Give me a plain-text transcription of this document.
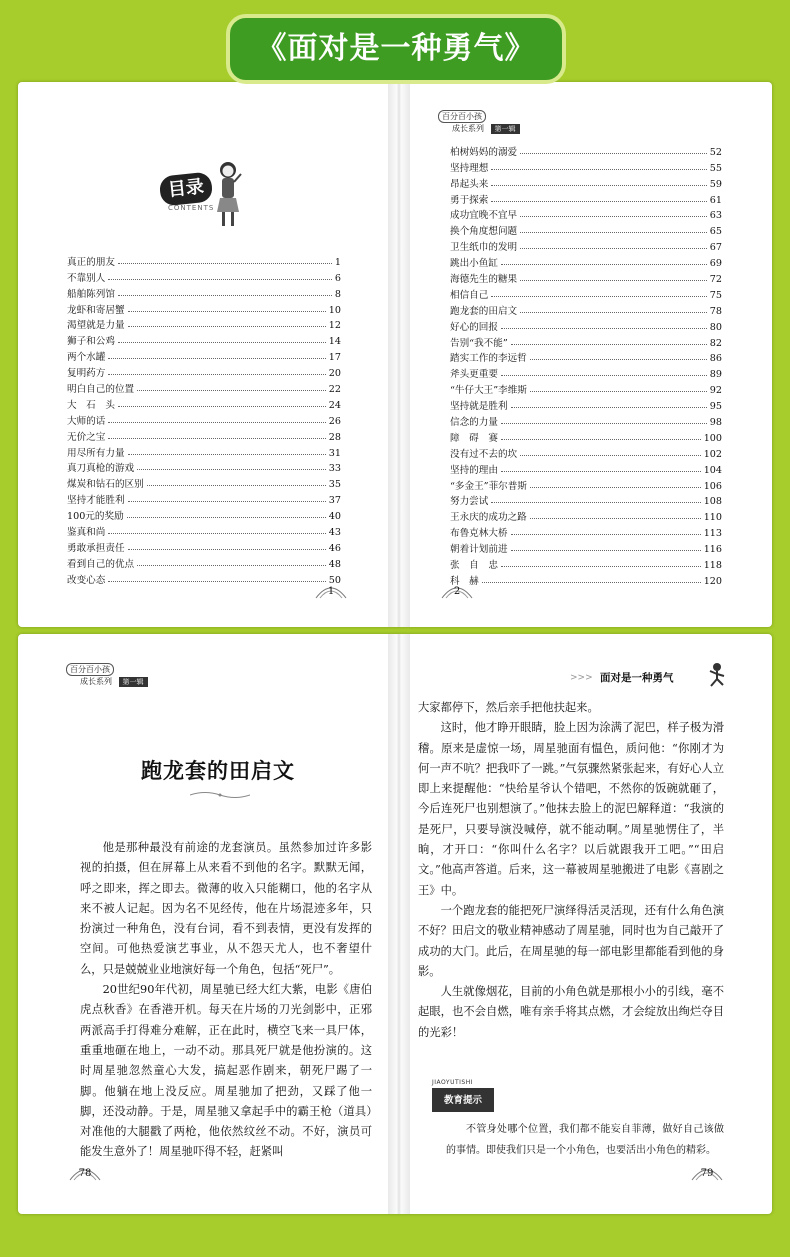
《面对是一种勇气》
目录
CONTENTS
真正的朋友	1
不靠别人	6
船舶陈列馆	8
龙虾和寄居蟹	10
渴望就是力量	12
狮子和公鸡	14
两个水罐	17
复明药方	20
明白自己的位置	22
大　石　头	24
大师的话	26
无价之宝	28
用尽所有力量	31
真刀真枪的游戏	33
煤炭和钻石的区别	35
坚持才能胜利	37
100元的奖励	40
鉴真和尚	43
勇敢承担责任	46
看到自己的优点	48
改变心态	50
1
百分百小孩
成长系列 第一辑
柏树妈妈的溺爱	52
坚持理想	55
昂起头来	59
勇于探索	61
成功宜晚不宜早	63
换个角度想问题	65
卫生纸巾的发明	67
跳出小鱼缸	69
海德先生的糖果	72
相信自己	75
跑龙套的田启文	78
好心的回报	80
告别“我不能”	82
踏实工作的李远哲	86
斧头更重要	89
“牛仔大王”李维斯	92
坚持就是胜利	95
信念的力量	98
障　碍　赛	100
没有过不去的坎	102
坚持的理由	104
“多金王”菲尔普斯	106
努力尝试	108
王永庆的成功之路	110
布鲁克林大桥	113
朝着计划前进	116
张　自　忠	118
科　赫	120
2
百分百小孩
成长系列 第一辑
跑龙套的田启文

他是那种最没有前途的龙套演员。虽然参加过许多影视的拍摄，但在屏幕上从来看不到他的名字。默默无闻，呼之即来，挥之即去。微薄的收入只能糊口，他的名字从来不被人记起。因为名不见经传，他在片场混迹多年，只扮演过一种角色，没有台词，看不到表情，更没有发挥的空间。可他热爱演艺事业，从不怨天尤人，也不奢望什么，只是兢兢业业地演好每一个角色，包括“死尸”。

20世纪90年代初，周星驰已经大红大紫，电影《唐伯虎点秋香》在香港开机。每天在片场的刀光剑影中，正邪两派高手打得难分难解，正在此时，横空飞来一具尸体，重重地砸在地上，一动不动。那具死尸就是他扮演的。这时周星驰忽然童心大发，搞起恶作剧来，朝死尸踢了一脚。他躺在地上没反应。周星驰加了把劲，又踩了他一脚，还没动静。于是，周星驰又拿起手中的霸王枪（道具）对准他的大腿戳了两枪，他依然纹丝不动。不好，演员可能发生意外了！周星驰吓得不轻，赶紧叫

78
>>> 面对是一种勇气

大家都停下，然后亲手把他扶起来。

这时，他才睁开眼睛，脸上因为涂满了泥巴，样子极为滑稽。原来是虚惊一场，周星驰面有愠色，质问他：“你刚才为何一声不吭？把我吓了一跳。”气氛骤然紧张起来，有好心人立即上来提醒他：“快给星爷认个错吧，不然你的饭碗就砸了，今后连死尸也别想演了。”他抹去脸上的泥巴解释道：“我演的是死尸，只要导演没喊停，就不能动啊。”周星驰愣住了，半晌，才开口：“你叫什么名字？以后就跟我开工吧。”“田启文。”他高声答道。后来，这一幕被周星驰搬进了电影《喜剧之王》中。

一个跑龙套的能把死尸演绎得活灵活现，还有什么角色演不好？田启文的敬业精神感动了周星驰，同时也为自己敲开了成功的大门。此后，在周星驰的每一部电影里都能看到他的身影。

人生就像烟花，目前的小角色就是那根小小的引线，毫不起眼，也不会自燃，唯有亲手将其点燃，才会绽放出绚烂夺目的光彩！

JIAOYUTISHI
教育提示

不管身处哪个位置，我们都不能妄自菲薄，做好自己该做的事情。即使我们只是一个小角色，也要活出小角色的精彩。

79
